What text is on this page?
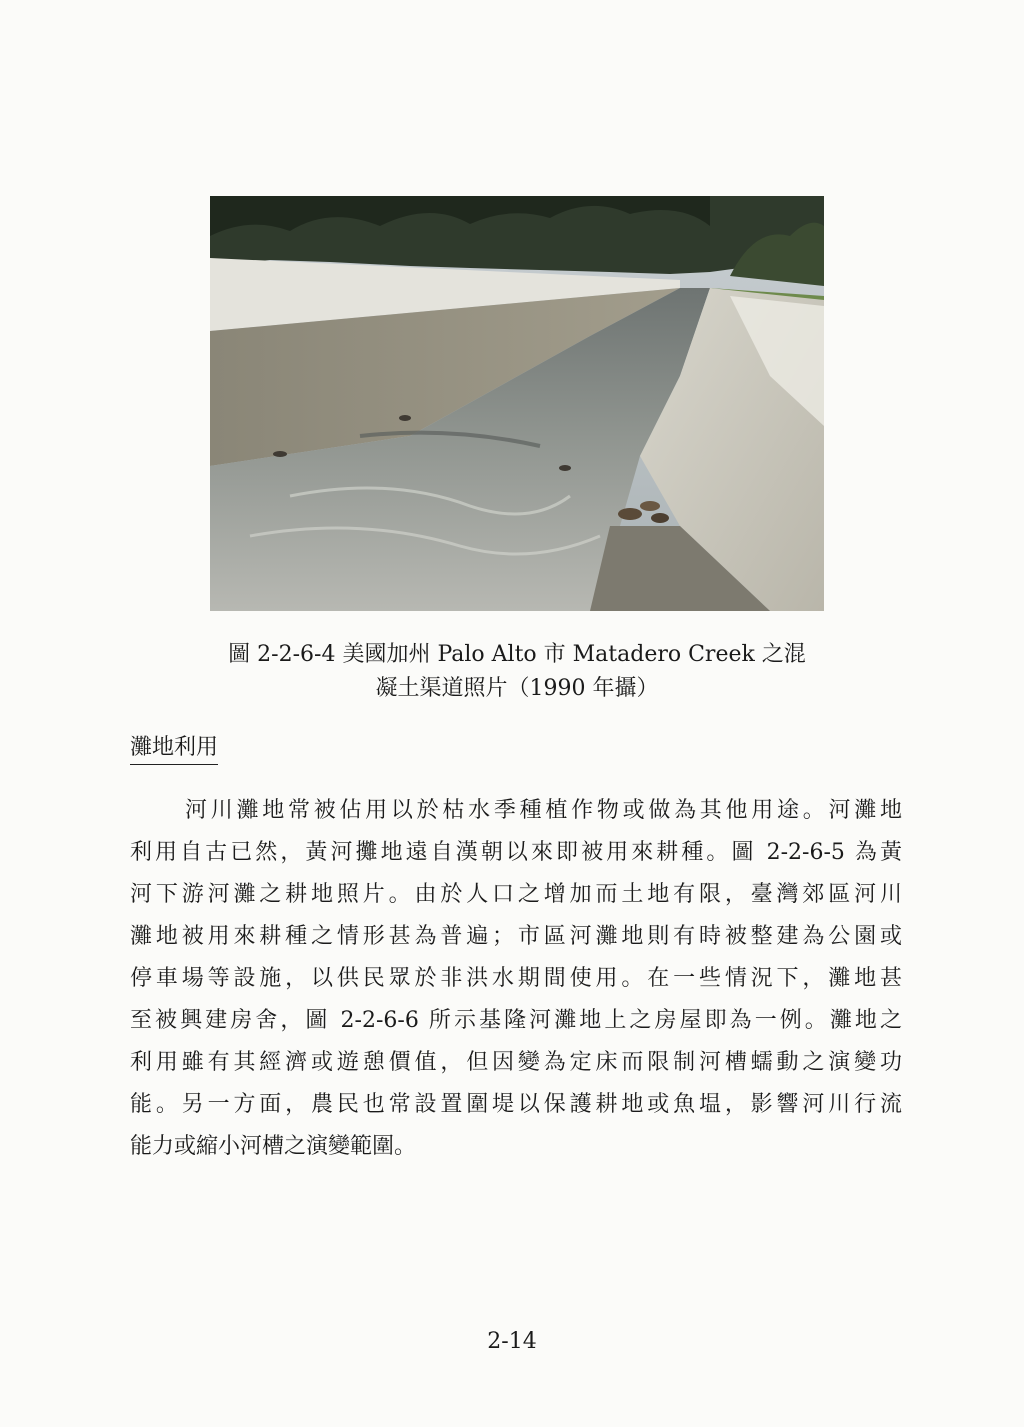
圖 2-2-6-4 美國加州 Palo Alto 市 Matadero Creek 之混
凝土渠道照片（1990 年攝）
灘地利用
河川灘地常被佔用以於枯水季種植作物或做為其他用途。河灘地
利用自古已然，黃河攤地遠自漢朝以來即被用來耕種。圖 2-2-6-5 為黃
河下游河灘之耕地照片。由於人口之增加而土地有限，臺灣郊區河川
灘地被用來耕種之情形甚為普遍；市區河灘地則有時被整建為公園或
停車場等設施，以供民眾於非洪水期間使用。在一些情況下，灘地甚
至被興建房舍，圖 2-2-6-6 所示基隆河灘地上之房屋即為一例。灘地之
利用雖有其經濟或遊憩價值，但因變為定床而限制河槽蠕動之演變功
能。另一方面，農民也常設置圍堤以保護耕地或魚塭，影響河川行流
能力或縮小河槽之演變範圍。
2-14
